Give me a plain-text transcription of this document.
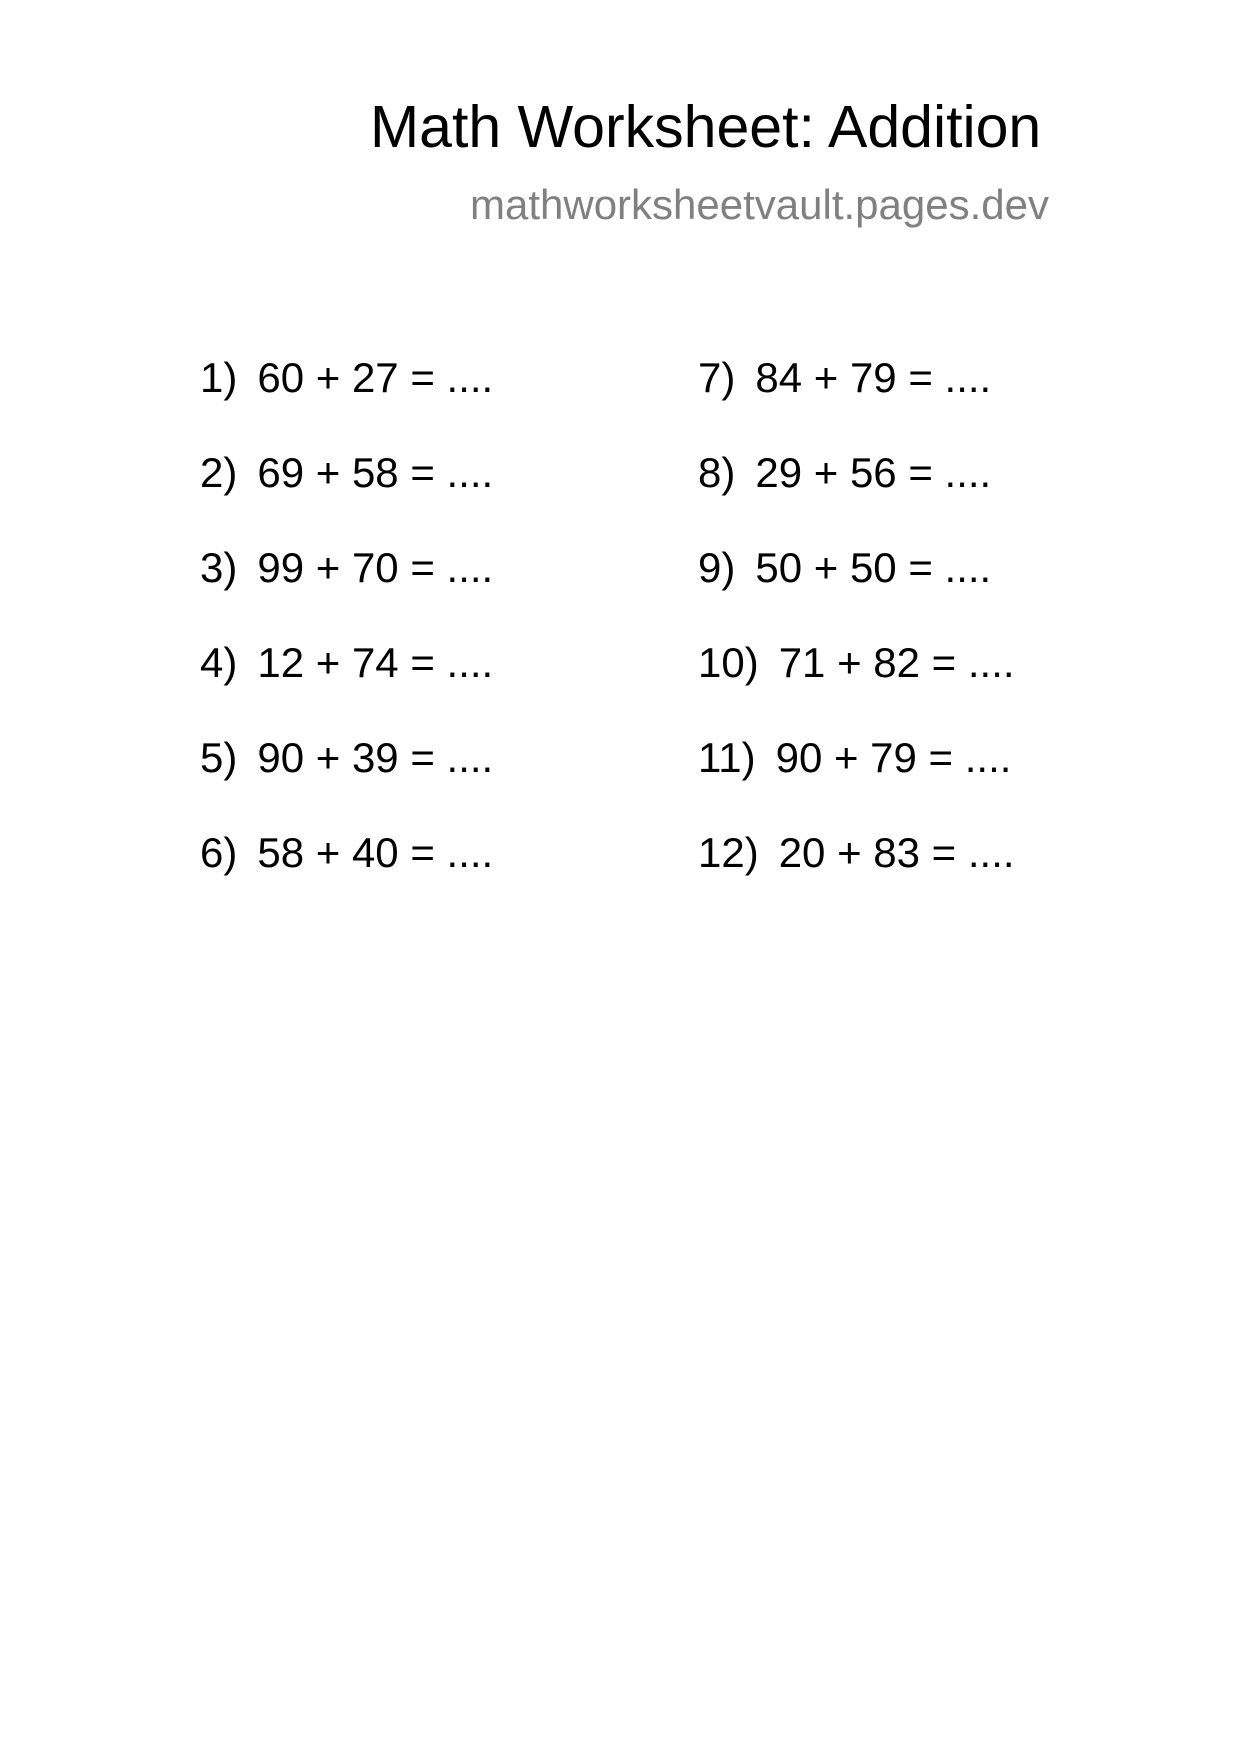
Math Worksheet: Addition
mathworksheetvault.pages.dev
1) 60 + 27 = ....
2) 69 + 58 = ....
3) 99 + 70 = ....
4) 12 + 74 = ....
5) 90 + 39 = ....
6) 58 + 40 = ....
7) 84 + 79 = ....
8) 29 + 56 = ....
9) 50 + 50 = ....
10) 71 + 82 = ....
11) 90 + 79 = ....
12) 20 + 83 = ....
